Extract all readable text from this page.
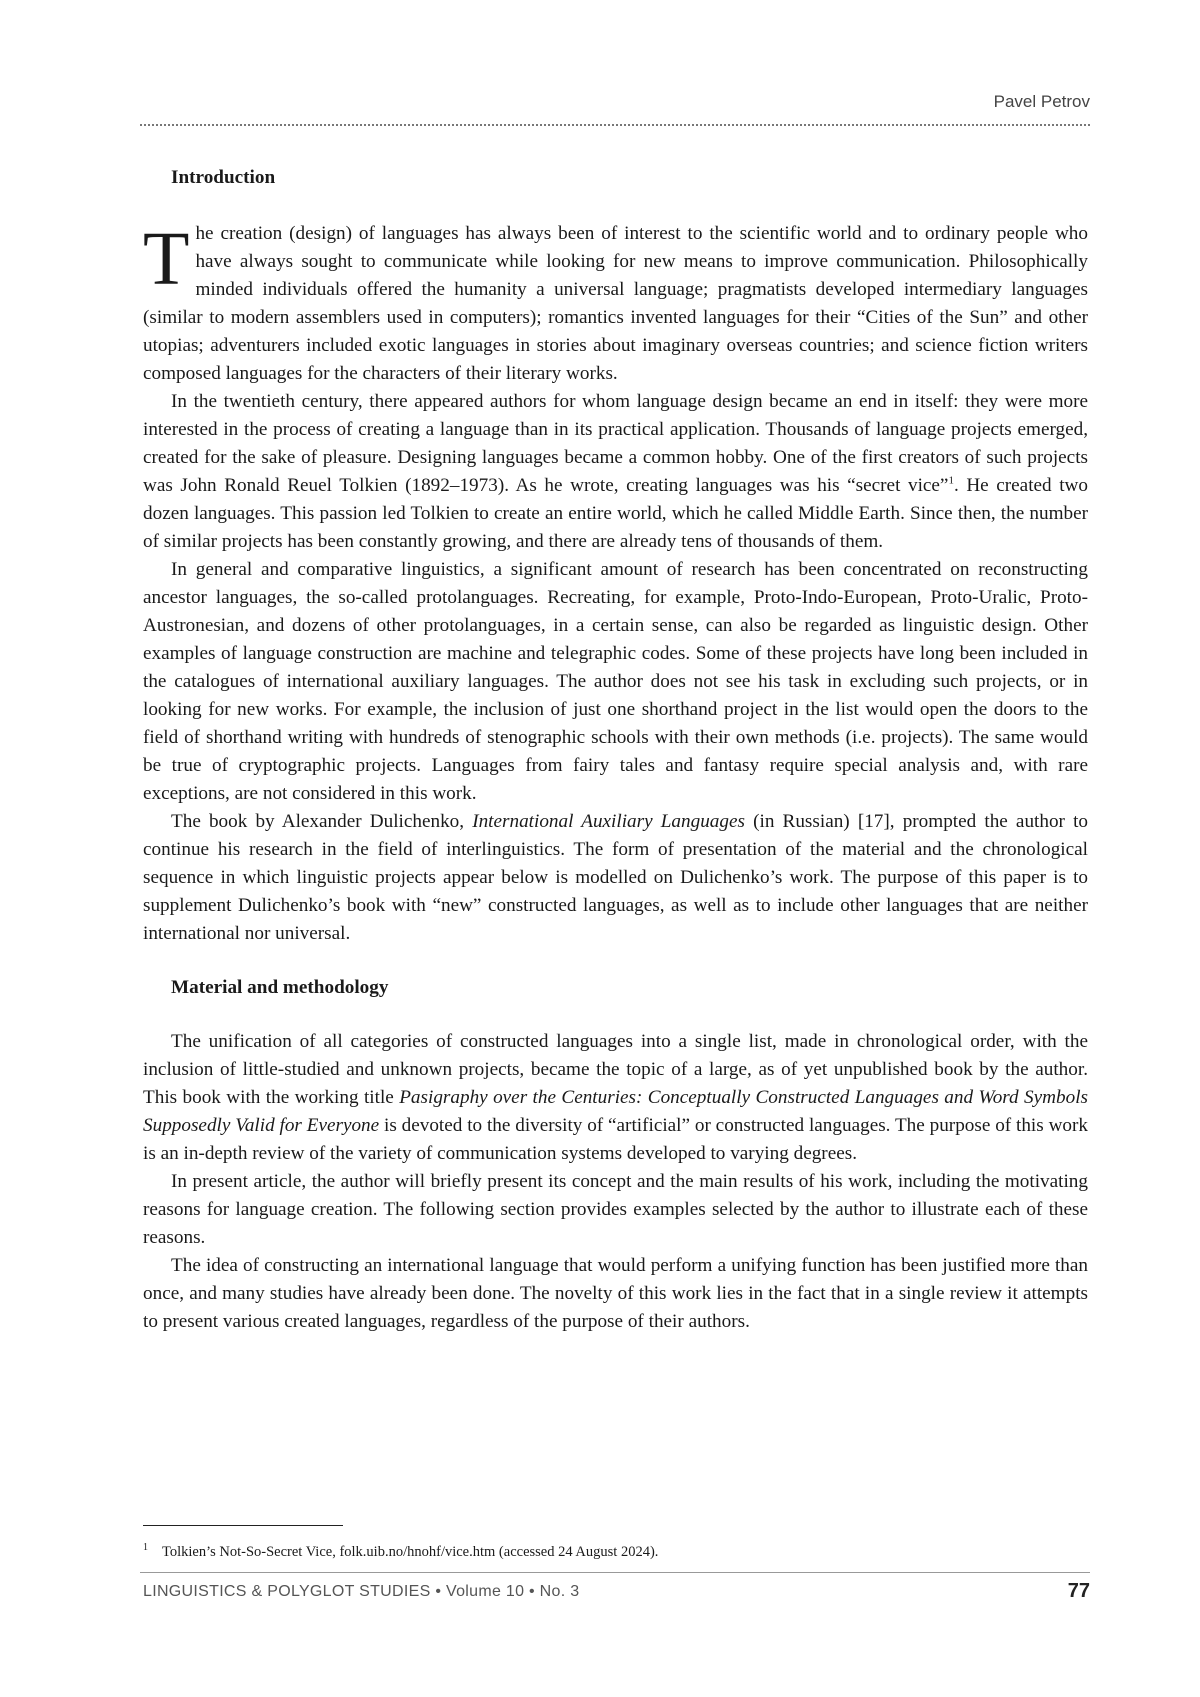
Pavel Petrov
Introduction

The creation (design) of languages has always been of interest to the scientific world and to ordinary people who have always sought to communicate while looking for new means to improve communication. Philosophically minded individuals offered the humanity a universal language; pragmatists developed intermediary languages (similar to modern assemblers used in computers); romantics invented languages for their “Cities of the Sun” and other utopias; adventurers included exotic languages in stories about imaginary overseas countries; and science fiction writers composed languages for the characters of their literary works.

In the twentieth century, there appeared authors for whom language design became an end in itself: they were more interested in the process of creating a language than in its practical application. Thousands of language projects emerged, created for the sake of pleasure. Designing languages became a common hobby. One of the first creators of such projects was John Ronald Reuel Tolkien (1892–1973). As he wrote, creating languages was his “secret vice”$^1$. He created two dozen languages. This passion led Tolkien to create an entire world, which he called Middle Earth. Since then, the number of similar projects has been constantly growing, and there are already tens of thousands of them.

In general and comparative linguistics, a significant amount of research has been concentrated on reconstructing ancestor languages, the so-called protolanguages. Recreating, for example, Proto-Indo-European, Proto-Uralic, Proto-Austronesian, and dozens of other protolanguages, in a certain sense, can also be regarded as linguistic design. Other examples of language construction are machine and telegraphic codes. Some of these projects have long been included in the catalogues of international auxiliary languages. The author does not see his task in excluding such projects, or in looking for new works. For example, the inclusion of just one shorthand project in the list would open the doors to the field of shorthand writing with hundreds of stenographic schools with their own methods (i.e. projects). The same would be true of cryptographic projects. Languages from fairy tales and fantasy require special analysis and, with rare exceptions, are not considered in this work.

The book by Alexander Dulichenko, International Auxiliary Languages (in Russian) [17], prompted the author to continue his research in the field of interlinguistics. The form of presentation of the material and the chronological sequence in which linguistic projects appear below is modelled on Dulichenko’s work. The purpose of this paper is to supplement Dulichenko’s book with “new” constructed languages, as well as to include other languages that are neither international nor universal.

Material and methodology

The unification of all categories of constructed languages into a single list, made in chronological order, with the inclusion of little-studied and unknown projects, became the topic of a large, as of yet unpublished book by the author. This book with the working title Pasigraphy over the Centuries: Conceptually Constructed Languages and Word Symbols Supposedly Valid for Everyone is devoted to the diversity of “artificial” or constructed languages. The purpose of this work is an in-depth review of the variety of communication systems developed to varying degrees.

In present article, the author will briefly present its concept and the main results of his work, including the motivating reasons for language creation. The following section provides examples selected by the author to illustrate each of these reasons.

The idea of constructing an international language that would perform a unifying function has been justified more than once, and many studies have already been done. The novelty of this work lies in the fact that in a single review it attempts to present various created languages, regardless of the purpose of their authors.

$^1$ Tolkien’s Not-So-Secret Vice, folk.uib.no/hnohf/vice.htm (accessed 24 August 2024).
LINGUISTICS & POLYGLOT STUDIES • Volume 10 • No. 3	77
